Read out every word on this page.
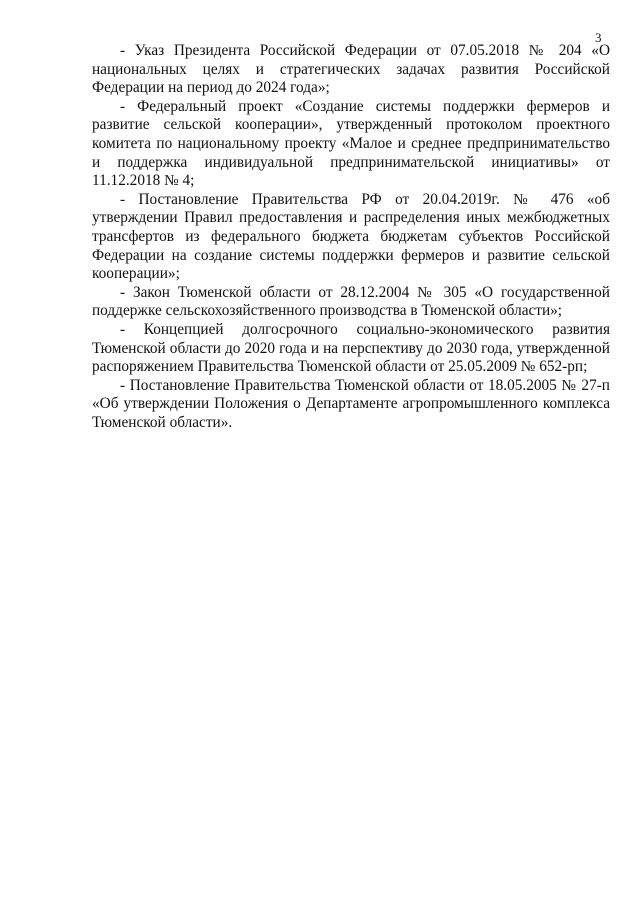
3

- Указ Президента Российской Федерации от 07.05.2018 № 204 «О национальных целях и стратегических задачах развития Российской Федерации на период до 2024 года»;

- Федеральный проект «Создание системы поддержки фермеров и развитие сельской кооперации», утвержденный протоколом проектного комитета по национальному проекту «Малое и среднее предпринимательство и поддержка индивидуальной предпринимательской инициативы» от 11.12.2018 № 4;

- Постановление Правительства РФ от 20.04.2019г. № 476 «об утверждении Правил предоставления и распределения иных межбюджетных трансфертов из федерального бюджета бюджетам субъектов Российской Федерации на создание системы поддержки фермеров и развитие сельской кооперации»;

- Закон Тюменской области от 28.12.2004 № 305 «О государственной поддержке сельскохозяйственного производства в Тюменской области»;

- Концепцией долгосрочного социально-экономического развития Тюменской области до 2020 года и на перспективу до 2030 года, утвержденной распоряжением Правительства Тюменской области от 25.05.2009 № 652-рп;

- Постановление Правительства Тюменской области от 18.05.2005 № 27-п «Об утверждении Положения о Департаменте агропромышленного комплекса Тюменской области».
